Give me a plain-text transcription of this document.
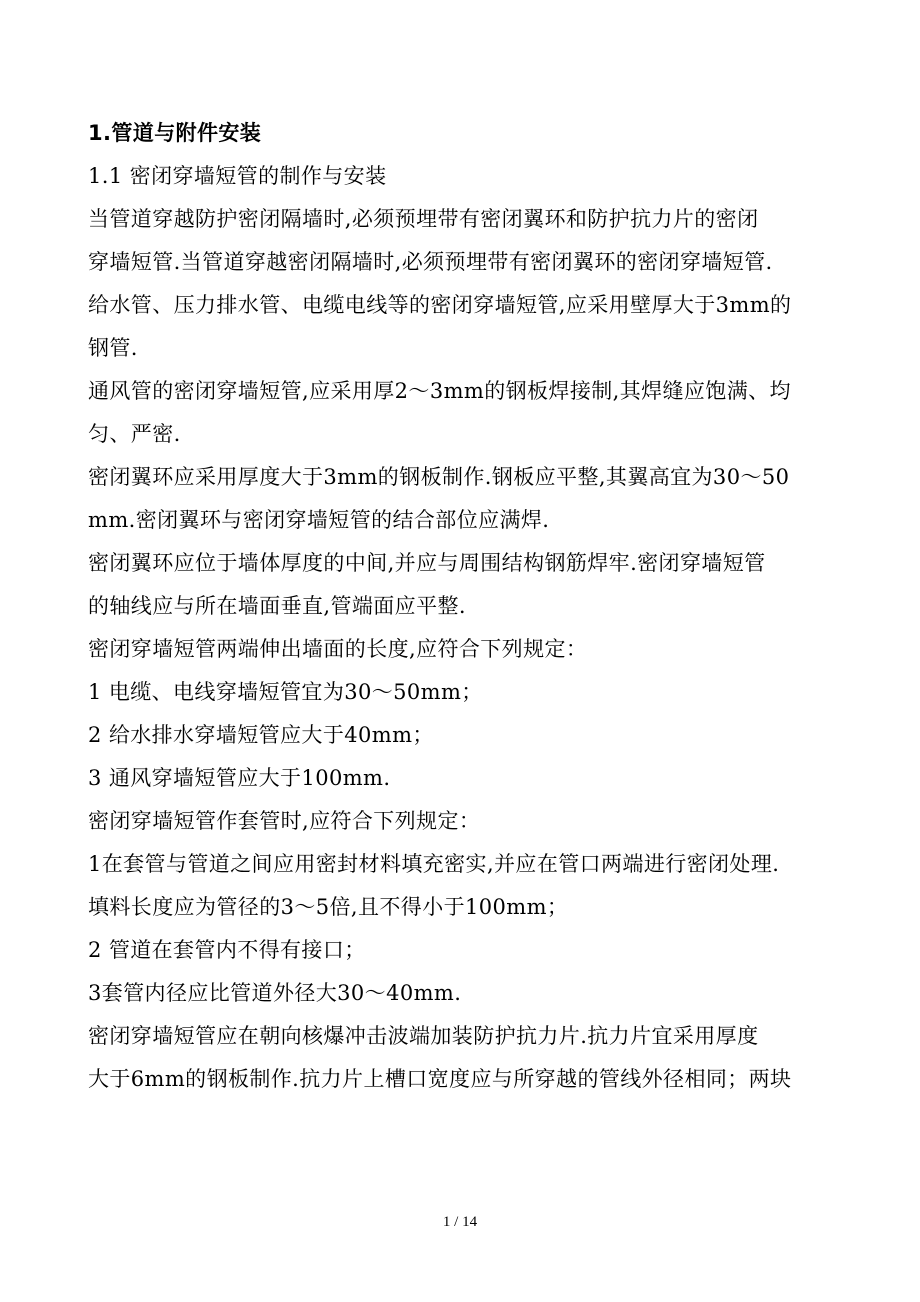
1.管道与附件安装
1.1 密闭穿墙短管的制作与安装
当管道穿越防护密闭隔墙时,必须预埋带有密闭翼环和防护抗力片的密闭
穿墙短管.当管道穿越密闭隔墙时,必须预埋带有密闭翼环的密闭穿墙短管.
给水管、压力排水管、电缆电线等的密闭穿墙短管,应采用壁厚大于3mm的
钢管.
通风管的密闭穿墙短管,应采用厚2～3mm的钢板焊接制,其焊缝应饱满、均
匀、严密.
密闭翼环应采用厚度大于3mm的钢板制作.钢板应平整,其翼高宜为30～50
mm.密闭翼环与密闭穿墙短管的结合部位应满焊.
密闭翼环应位于墙体厚度的中间,并应与周围结构钢筋焊牢.密闭穿墙短管
的轴线应与所在墙面垂直,管端面应平整.
密闭穿墙短管两端伸出墙面的长度,应符合下列规定：
1 电缆、电线穿墙短管宜为30～50mm；
2 给水排水穿墙短管应大于40mm；
3 通风穿墙短管应大于100mm.
密闭穿墙短管作套管时,应符合下列规定：
1在套管与管道之间应用密封材料填充密实,并应在管口两端进行密闭处理.
填料长度应为管径的3～5倍,且不得小于100mm；
2 管道在套管内不得有接口；
3套管内径应比管道外径大30～40mm.
密闭穿墙短管应在朝向核爆冲击波端加装防护抗力片.抗力片宜采用厚度
大于6mm的钢板制作.抗力片上槽口宽度应与所穿越的管线外径相同；两块
1 / 14
